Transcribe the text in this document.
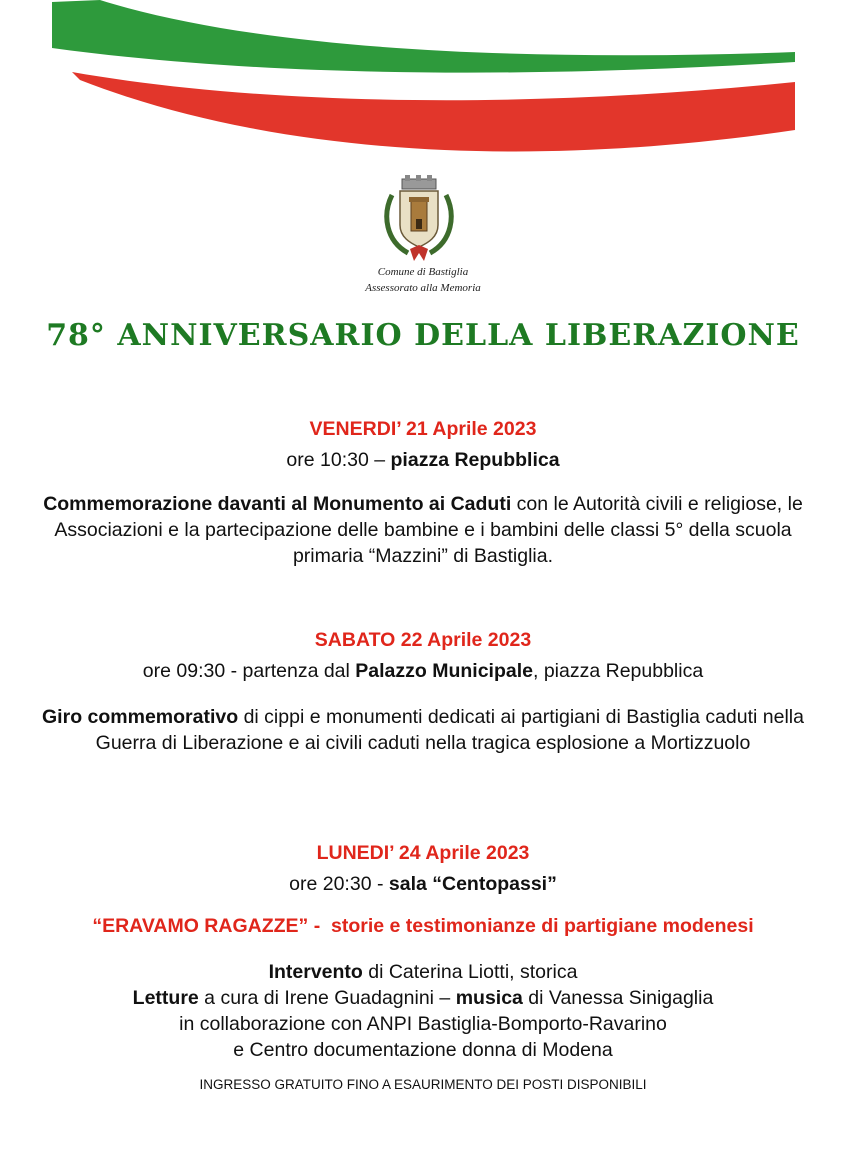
Comune di Bastiglia
Assessorato alla Memoria
78° ANNIVERSARIO DELLA LIBERAZIONE
VENERDI’ 21 Aprile 2023
ore 10:30 – piazza Repubblica
Commemorazione davanti al Monumento ai Caduti con le Autorità civili e religiose, le Associazioni e la partecipazione delle bambine e i bambini delle classi 5° della scuola primaria “Mazzini” di Bastiglia.
SABATO 22 Aprile 2023
ore 09:30 - partenza dal Palazzo Municipale, piazza Repubblica
Giro commemorativo di cippi e monumenti dedicati ai partigiani di Bastiglia caduti nella Guerra di Liberazione e ai civili caduti nella tragica esplosione a Mortizzuolo
LUNEDI’ 24 Aprile 2023
ore 20:30 - sala “Centopassi”
“ERAVAMO RAGAZZE” -  storie e testimonianze di partigiane modenesi
Intervento di Caterina Liotti, storica
Letture a cura di Irene Guadagnini – musica di Vanessa Sinigaglia
in collaborazione con ANPI Bastiglia-Bomporto-Ravarino
e Centro documentazione donna di Modena
INGRESSO GRATUITO FINO A ESAURIMENTO DEI POSTI DISPONIBILI
